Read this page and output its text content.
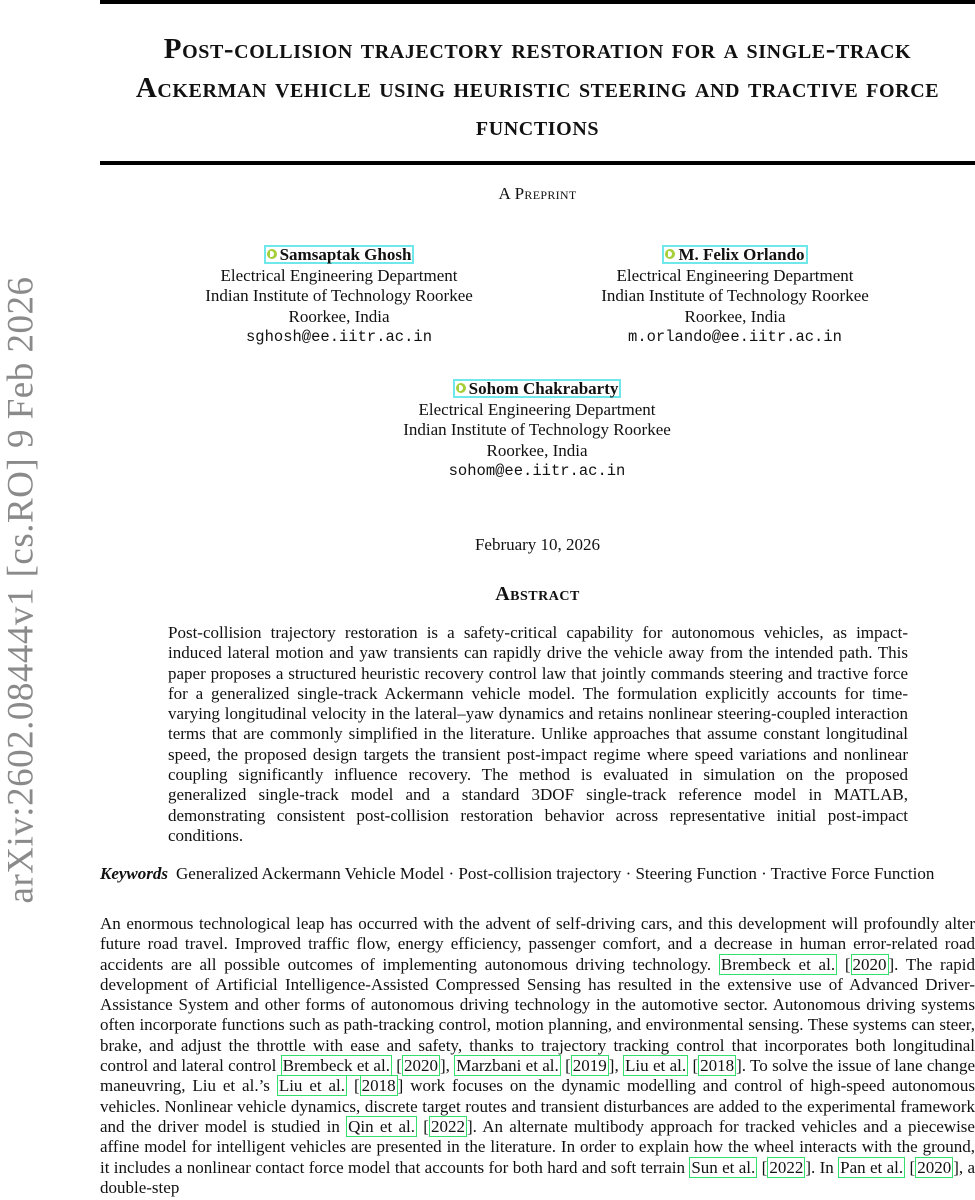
arXiv:2602.08444v1 [cs.RO] 9 Feb 2026
Post-collision trajectory restoration for a single-track Ackerman vehicle using heuristic steering and tractive force functions
A Preprint
Samsaptak Ghosh
Electrical Engineering Department
Indian Institute of Technology Roorkee
Roorkee, India
sghosh@ee.iitr.ac.in
M. Felix Orlando
Electrical Engineering Department
Indian Institute of Technology Roorkee
Roorkee, India
m.orlando@ee.iitr.ac.in
Sohom Chakrabarty
Electrical Engineering Department
Indian Institute of Technology Roorkee
Roorkee, India
sohom@ee.iitr.ac.in
February 10, 2026
Abstract

Post-collision trajectory restoration is a safety-critical capability for autonomous vehicles, as impact-induced lateral motion and yaw transients can rapidly drive the vehicle away from the intended path. This paper proposes a structured heuristic recovery control law that jointly commands steering and tractive force for a generalized single-track Ackermann vehicle model. The formulation explicitly accounts for time-varying longitudinal velocity in the lateral–yaw dynamics and retains nonlinear steering-coupled interaction terms that are commonly simplified in the literature. Unlike approaches that assume constant longitudinal speed, the proposed design targets the transient post-impact regime where speed variations and nonlinear coupling significantly influence recovery. The method is evaluated in simulation on the proposed generalized single-track model and a standard 3DOF single-track reference model in MATLAB, demonstrating consistent post-collision restoration behavior across representative initial post-impact conditions.

Keywords Generalized Ackermann Vehicle Model · Post-collision trajectory · Steering Function · Tractive Force Function

An enormous technological leap has occurred with the advent of self-driving cars, and this development will profoundly alter future road travel. Improved traffic flow, energy efficiency, passenger comfort, and a decrease in human error-related road accidents are all possible outcomes of implementing autonomous driving technology. Brembeck et al. [ 2020 ]. The rapid development of Artificial Intelligence-Assisted Compressed Sensing has resulted in the extensive use of Advanced Driver-Assistance System and other forms of autonomous driving technology in the automotive sector. Autonomous driving systems often incorporate functions such as path-tracking control, motion planning, and environmental sensing. These systems can steer, brake, and adjust the throttle with ease and safety, thanks to trajectory tracking control that incorporates both longitudinal control and lateral control Brembeck et al. [ 2020 ], Marzbani et al. [ 2019 ], Liu et al. [ 2018 ]. To solve the issue of lane change maneuvring, Liu et al.’s Liu et al. [ 2018 ] work focuses on the dynamic modelling and control of high-speed autonomous vehicles. Nonlinear vehicle dynamics, discrete target routes and transient disturbances are added to the experimental framework and the driver model is studied in Qin et al. [ 2022 ]. An alternate multibody approach for tracked vehicles and a piecewise affine model for intelligent vehicles are presented in the literature. In order to explain how the wheel interacts with the ground, it includes a nonlinear contact force model that accounts for both hard and soft terrain Sun et al. [ 2022 ]. In Pan et al. [ 2020 ], a double-step
